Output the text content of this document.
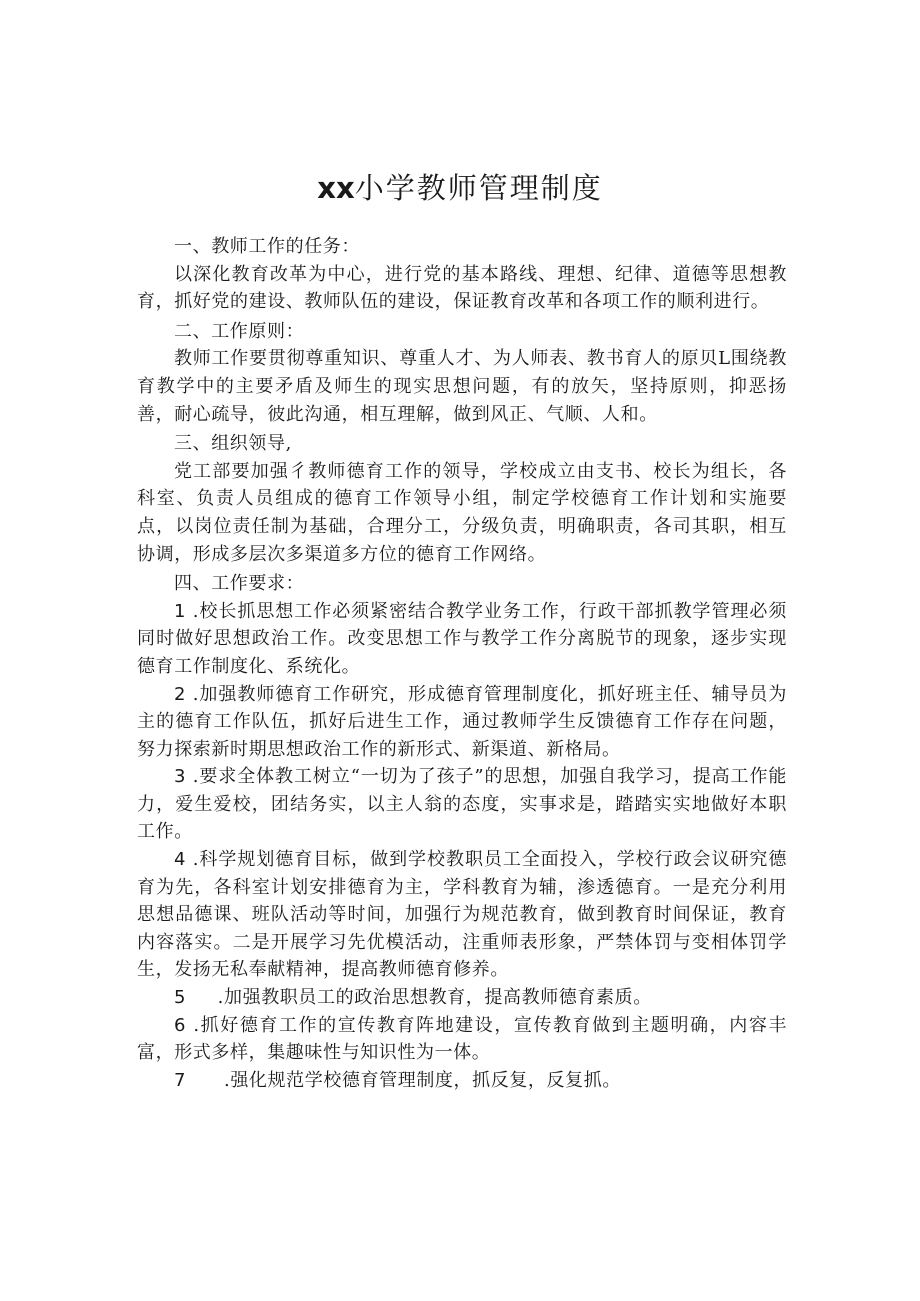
xx小学教师管理制度

一、教师工作的任务：

以深化教育改革为中心，进行党的基本路线、理想、纪律、道德等思想教育，抓好党的建设、教师队伍的建设，保证教育改革和各项工作的顺利进行。

二、工作原则：

教师工作要贯彻尊重知识、尊重人才、为人师表、教书育人的原贝L围绕教育教学中的主要矛盾及师生的现实思想问题，有的放矢，坚持原则，抑恶扬善，耐心疏导，彼此沟通，相互理解，做到风正、气顺、人和。

三、组织领导,

党工部要加强彳教师德育工作的领导，学校成立由支书、校长为组长，各科室、负责人员组成的德育工作领导小组，制定学校德育工作计划和实施要点，以岗位责任制为基础，合理分工，分级负责，明确职责，各司其职，相互协调，形成多层次多渠道多方位的德育工作网络。

四、工作要求：

1 .校长抓思想工作必须紧密结合教学业务工作，行政干部抓教学管理必须同时做好思想政治工作。改变思想工作与教学工作分离脱节的现象，逐步实现德育工作制度化、系统化。

2 .加强教师德育工作研究，形成德育管理制度化，抓好班主任、辅导员为主的德育工作队伍，抓好后进生工作，通过教师学生反馈德育工作存在问题，努力探索新时期思想政治工作的新形式、新渠道、新格局。

3 .要求全体教工树立“一切为了孩子”的思想，加强自我学习，提高工作能力，爱生爱校，团结务实，以主人翁的态度，实事求是，踏踏实实地做好本职工作。

4 .科学规划德育目标，做到学校教职员工全面投入，学校行政会议研究德育为先，各科室计划安排德育为主，学科教育为辅，渗透德育。一是充分利用思想品德课、班队活动等时间，加强行为规范教育，做到教育时间保证，教育内容落实。二是开展学习先优模活动，注重师表形象，严禁体罚与变相体罚学生，发扬无私奉献精神，提高教师德育修养。

5 .加强教职员工的政治思想教育，提高教师德育素质。

6 .抓好德育工作的宣传教育阵地建设，宣传教育做到主题明确，内容丰富，形式多样，集趣味性与知识性为一体。

7 .强化规范学校德育管理制度，抓反复，反复抓。
